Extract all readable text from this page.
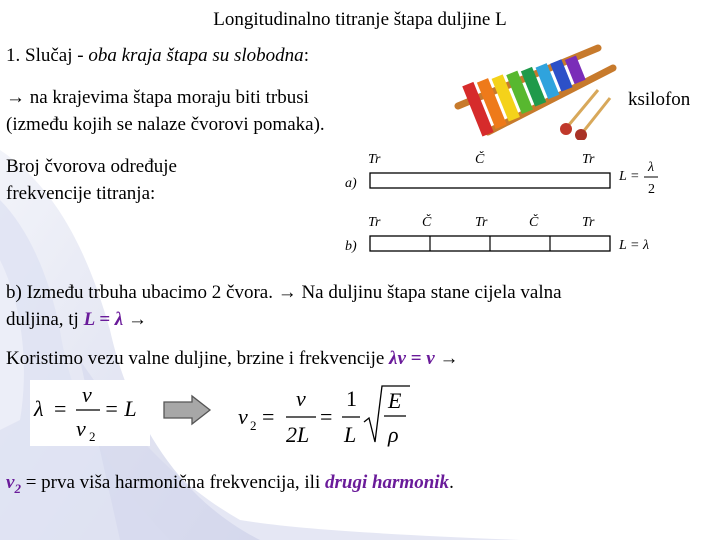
Longitudinalno titranje štapa duljine L
1. Slučaj - oba kraja štapa su slobodna:
→ na krajevima štapa moraju biti trbusi
(između kojih se nalaze čvorovi pomaka).
ksilofon
Broj čvorova određuje
frekvencije titranja:	a)
Tr	Č	Tr
L =
λ
2
b)
Tr	Č	Tr	Č	Tr
L = λ
b) Između trbuha ubacimo 2 čvora. → Na duljinu štapa stane cijela valna
duljina, tj L = λ →
Koristimo vezu valne duljine, brzine i frekvencije λν = v →
λ =
v
ν 2
= L	ν 2 =
v
2L
=
1
L
E
ρ
$v_2$ = prva viša harmonična frekvencija, ili drugi harmonik.
